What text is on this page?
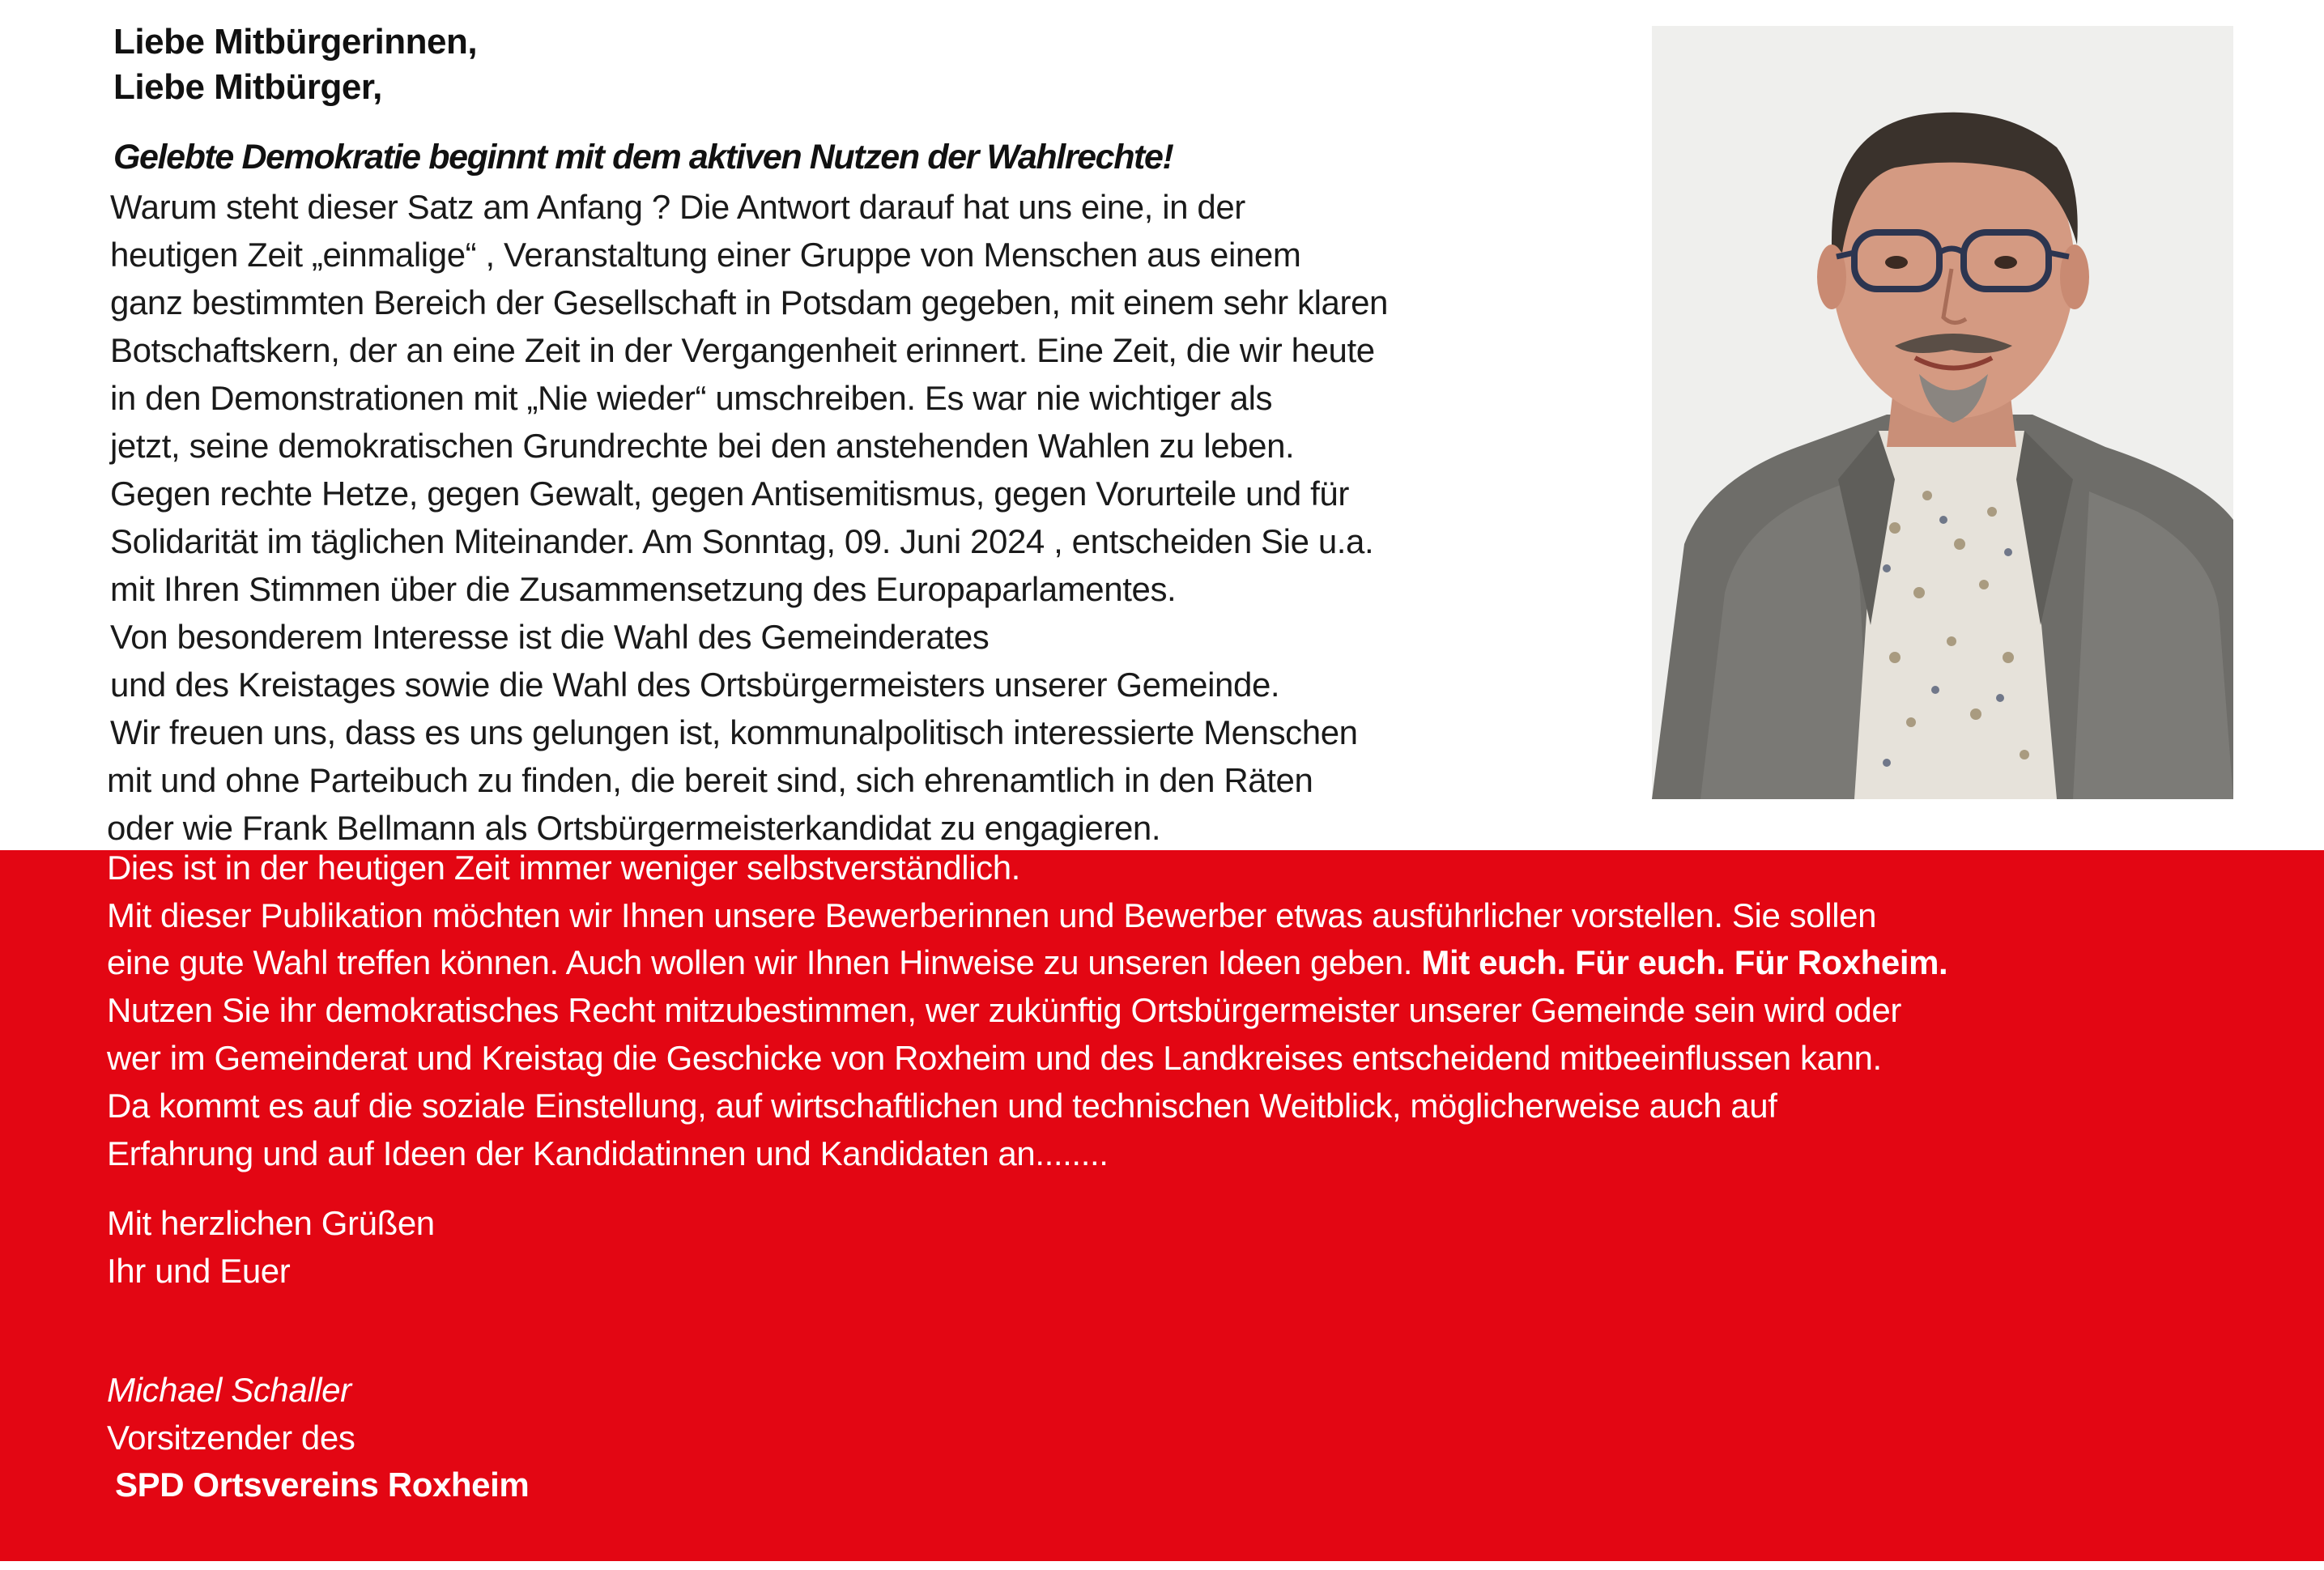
Liebe Mitbürgerinnen,
Liebe Mitbürger,
Gelebte Demokratie beginnt mit dem aktiven Nutzen der Wahlrechte!
Warum steht dieser Satz am Anfang ? Die Antwort darauf hat uns eine, in der
heutigen Zeit „einmalige“ , Veranstaltung einer Gruppe von Menschen aus einem
ganz bestimmten Bereich der Gesellschaft in Potsdam gegeben, mit einem sehr klaren
Botschaftskern, der an eine Zeit in der Vergangenheit erinnert. Eine Zeit, die wir heute
in den Demonstrationen mit „Nie wieder“ umschreiben. Es war nie wichtiger als
jetzt, seine demokratischen Grundrechte bei den anstehenden Wahlen zu leben.
Gegen rechte Hetze, gegen Gewalt, gegen Antisemitismus, gegen Vorurteile und für
Solidarität im täglichen Miteinander. Am Sonntag, 09. Juni 2024 , entscheiden Sie u.a.
mit Ihren Stimmen über die Zusammensetzung des Europaparlamentes.
Von besonderem Interesse ist die Wahl des Gemeinderates
und des Kreistages sowie die Wahl des Ortsbürgermeisters unserer Gemeinde.
Wir freuen uns, dass es uns gelungen ist, kommunalpolitisch interessierte Menschen
mit und ohne Parteibuch zu finden, die bereit sind, sich ehrenamtlich in den Räten
oder wie Frank Bellmann als Ortsbürgermeisterkandidat zu engagieren.
Dies ist in der heutigen Zeit immer weniger selbstverständlich.
Mit dieser Publikation möchten wir Ihnen unsere Bewerberinnen und Bewerber etwas ausführlicher vorstellen. Sie sollen
eine gute Wahl treffen können. Auch wollen wir Ihnen Hinweise zu unseren Ideen geben. Mit euch. Für euch. Für Roxheim.
Nutzen Sie ihr demokratisches Recht mitzubestimmen, wer zukünftig Ortsbürgermeister unserer Gemeinde sein wird oder
wer im Gemeinderat und Kreistag die Geschicke von Roxheim und des Landkreises entscheidend mitbeeinflussen kann.
Da kommt es auf die soziale Einstellung, auf wirtschaftlichen und technischen Weitblick, möglicherweise auch auf
Erfahrung und auf Ideen der Kandidatinnen und Kandidaten an........
Mit herzlichen Grüßen
Ihr und Euer
Michael Schaller
Vorsitzender des
SPD Ortsvereins Roxheim
